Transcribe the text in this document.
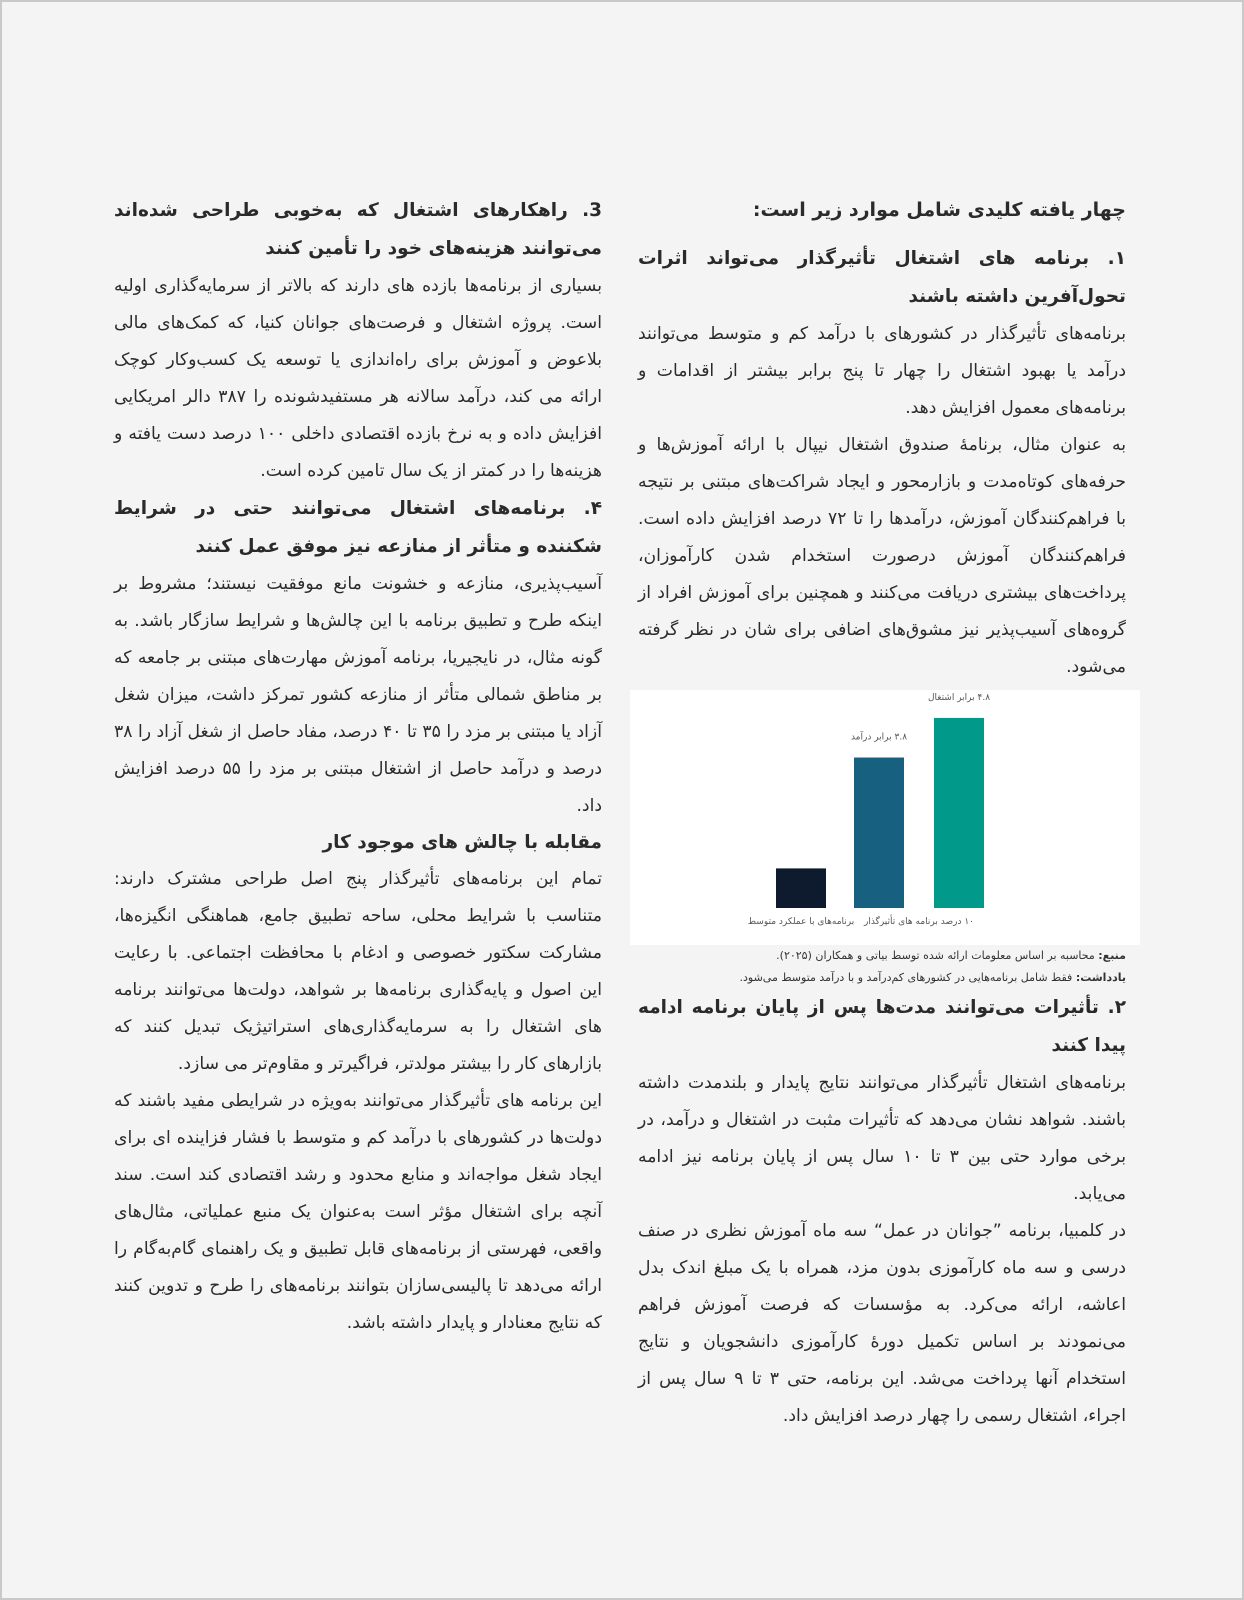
چهار یافته کلیدی شامل موارد زیر است:
۱. برنامه های اشتغال تأثیرگذار می‌تواند اثرات تحول‌آفرین داشته باشند

برنامه‌های تأثیرگذار در کشورهای با درآمد کم و متوسط می‌توانند درآمد یا بهبود اشتغال را چهار تا پنج برابر بیشتر از اقدامات و برنامه‌های معمول افزایش دهد.

به عنوان مثال، برنامۀ صندوق اشتغال نیپال با ارائه آموزش‌ها و حرفه‌های کوتاه‌مدت و بازارمحور و ایجاد شراکت‌های مبتنی بر نتیجه با فراهم‌کنندگان آموزش، درآمدها را تا ۷۲ درصد افزایش داده است. فراهم‌کنندگان آموزش درصورت استخدام شدن کارآموزان، پرداخت‌های بیشتری دریافت می‌کنند و همچنین برای آموزش افراد از گروه‌های آسیب‌پذیر نیز مشوق‌های اضافی برای شان در نظر گرفته می‌شود.

۳.۸ برابر درآمد
۴.۸ برابر اشتغال
برنامه‌های با عملکرد متوسط ۱۰ درصد برنامه های تأثیرگذار
منبع: محاسبه بر اساس معلومات ارائه شده توسط بیاتی و همکاران (۲۰۲۵).
یادداشت: فقط شامل برنامه‌هایی در کشورهای کم‌درآمد و با درآمد متوسط می‌شود.
۲. تأثیرات می‌توانند مدت‌ها پس از پایان برنامه ادامه پیدا کنند

برنامه‌های اشتغال تأثیرگذار می‌توانند نتایج پایدار و بلندمدت داشته باشند. شواهد نشان می‌دهد که تأثیرات مثبت در اشتغال و درآمد، در برخی موارد حتی بین ۳ تا ۱۰ سال پس از پایان برنامه نیز ادامه می‌یابد.

در کلمبیا، برنامه ”جوانان در عمل“ سه ماه آموزش نظری در صنف درسی و سه ماه کارآموزی بدون مزد، همراه با یک مبلغ اندک بدل اعاشه، ارائه می‌کرد. به مؤسسات که فرصت آموزش فراهم می‌نمودند بر اساس تکمیل دورۀ کارآموزی دانشجویان و نتایج استخدام آنها پرداخت می‌شد. این برنامه، حتی ۳ تا ۹ سال پس از اجراء، اشتغال رسمی را چهار درصد افزایش داد.

3. راهکارهای اشتغال که به‌خوبی طراحی شده‌اند می‌توانند هزینه‌های خود را تأمین کنند

بسیاری از برنامه‌ها بازده های دارند که بالاتر از سرمایه‌گذاری اولیه است. پروژه اشتغال و فرصت‌های جوانان کنیا، که کمک‌های مالی بلاعوض و آموزش برای راه‌اندازی یا توسعه یک کسب‌وکار کوچک ارائه می کند، درآمد سالانه هر مستفیدشونده را ۳۸۷ دالر امریکایی افزایش داده و به نرخ بازده اقتصادی داخلی ۱۰۰ درصد دست یافته و هزینه‌ها را در کمتر از یک سال تامین کرده است.

۴. برنامه‌های اشتغال می‌توانند حتی در شرایط شکننده و متأثر از منازعه نیز موفق عمل کنند

آسیب‌پذیری، منازعه و خشونت مانع موفقیت نیستند؛ مشروط بر اینکه طرح و تطبیق برنامه با این چالش‌ها و شرایط سازگار باشد. به گونه مثال، در نایجیریا، برنامه آموزش مهارت‌های مبتنی بر جامعه که بر مناطق شمالی متأثر از منازعه کشور تمرکز داشت، میزان شغل آزاد یا مبتنی بر مزد را ۳۵ تا ۴۰ درصد، مفاد حاصل از شغل آزاد را ۳۸ درصد و درآمد حاصل از اشتغال مبتنی بر مزد را ۵۵ درصد افزایش داد.

مقابله با چالش های موجود کار

تمام این برنامه‌های تأثیرگذار پنج اصل طراحی مشترک دارند: متناسب با شرایط محلی، ساحه تطبیق جامع، هماهنگی انگیزه‌ها، مشارکت سکتور خصوصی و ادغام با محافظت اجتماعی. با رعایت این اصول و پایه‌گذاری برنامه‌ها بر شواهد، دولت‌ها می‌توانند برنامه های اشتغال را به سرمایه‌گذاری‌های استراتیژیک تبدیل کنند که بازارهای کار را بیشتر مولدتر، فراگیرتر و مقاوم‌تر می سازد.

این برنامه های تأثیرگذار می‌توانند به‌ویژه در شرایطی مفید باشند که دولت‌ها در کشورهای با درآمد کم و متوسط با فشار فزاینده ای برای ایجاد شغل مواجه‌اند و منابع محدود و رشد اقتصادی کند است. سند آنچه برای اشتغال مؤثر است به‌عنوان یک منبع عملیاتی، مثال‌های واقعی، فهرستی از برنامه‌های قابل تطبیق و یک راهنمای گام‌به‌گام را ارائه می‌دهد تا پالیسی‌سازان بتوانند برنامه‌های را طرح و تدوین کنند که نتایج معنادار و پایدار داشته باشد.
